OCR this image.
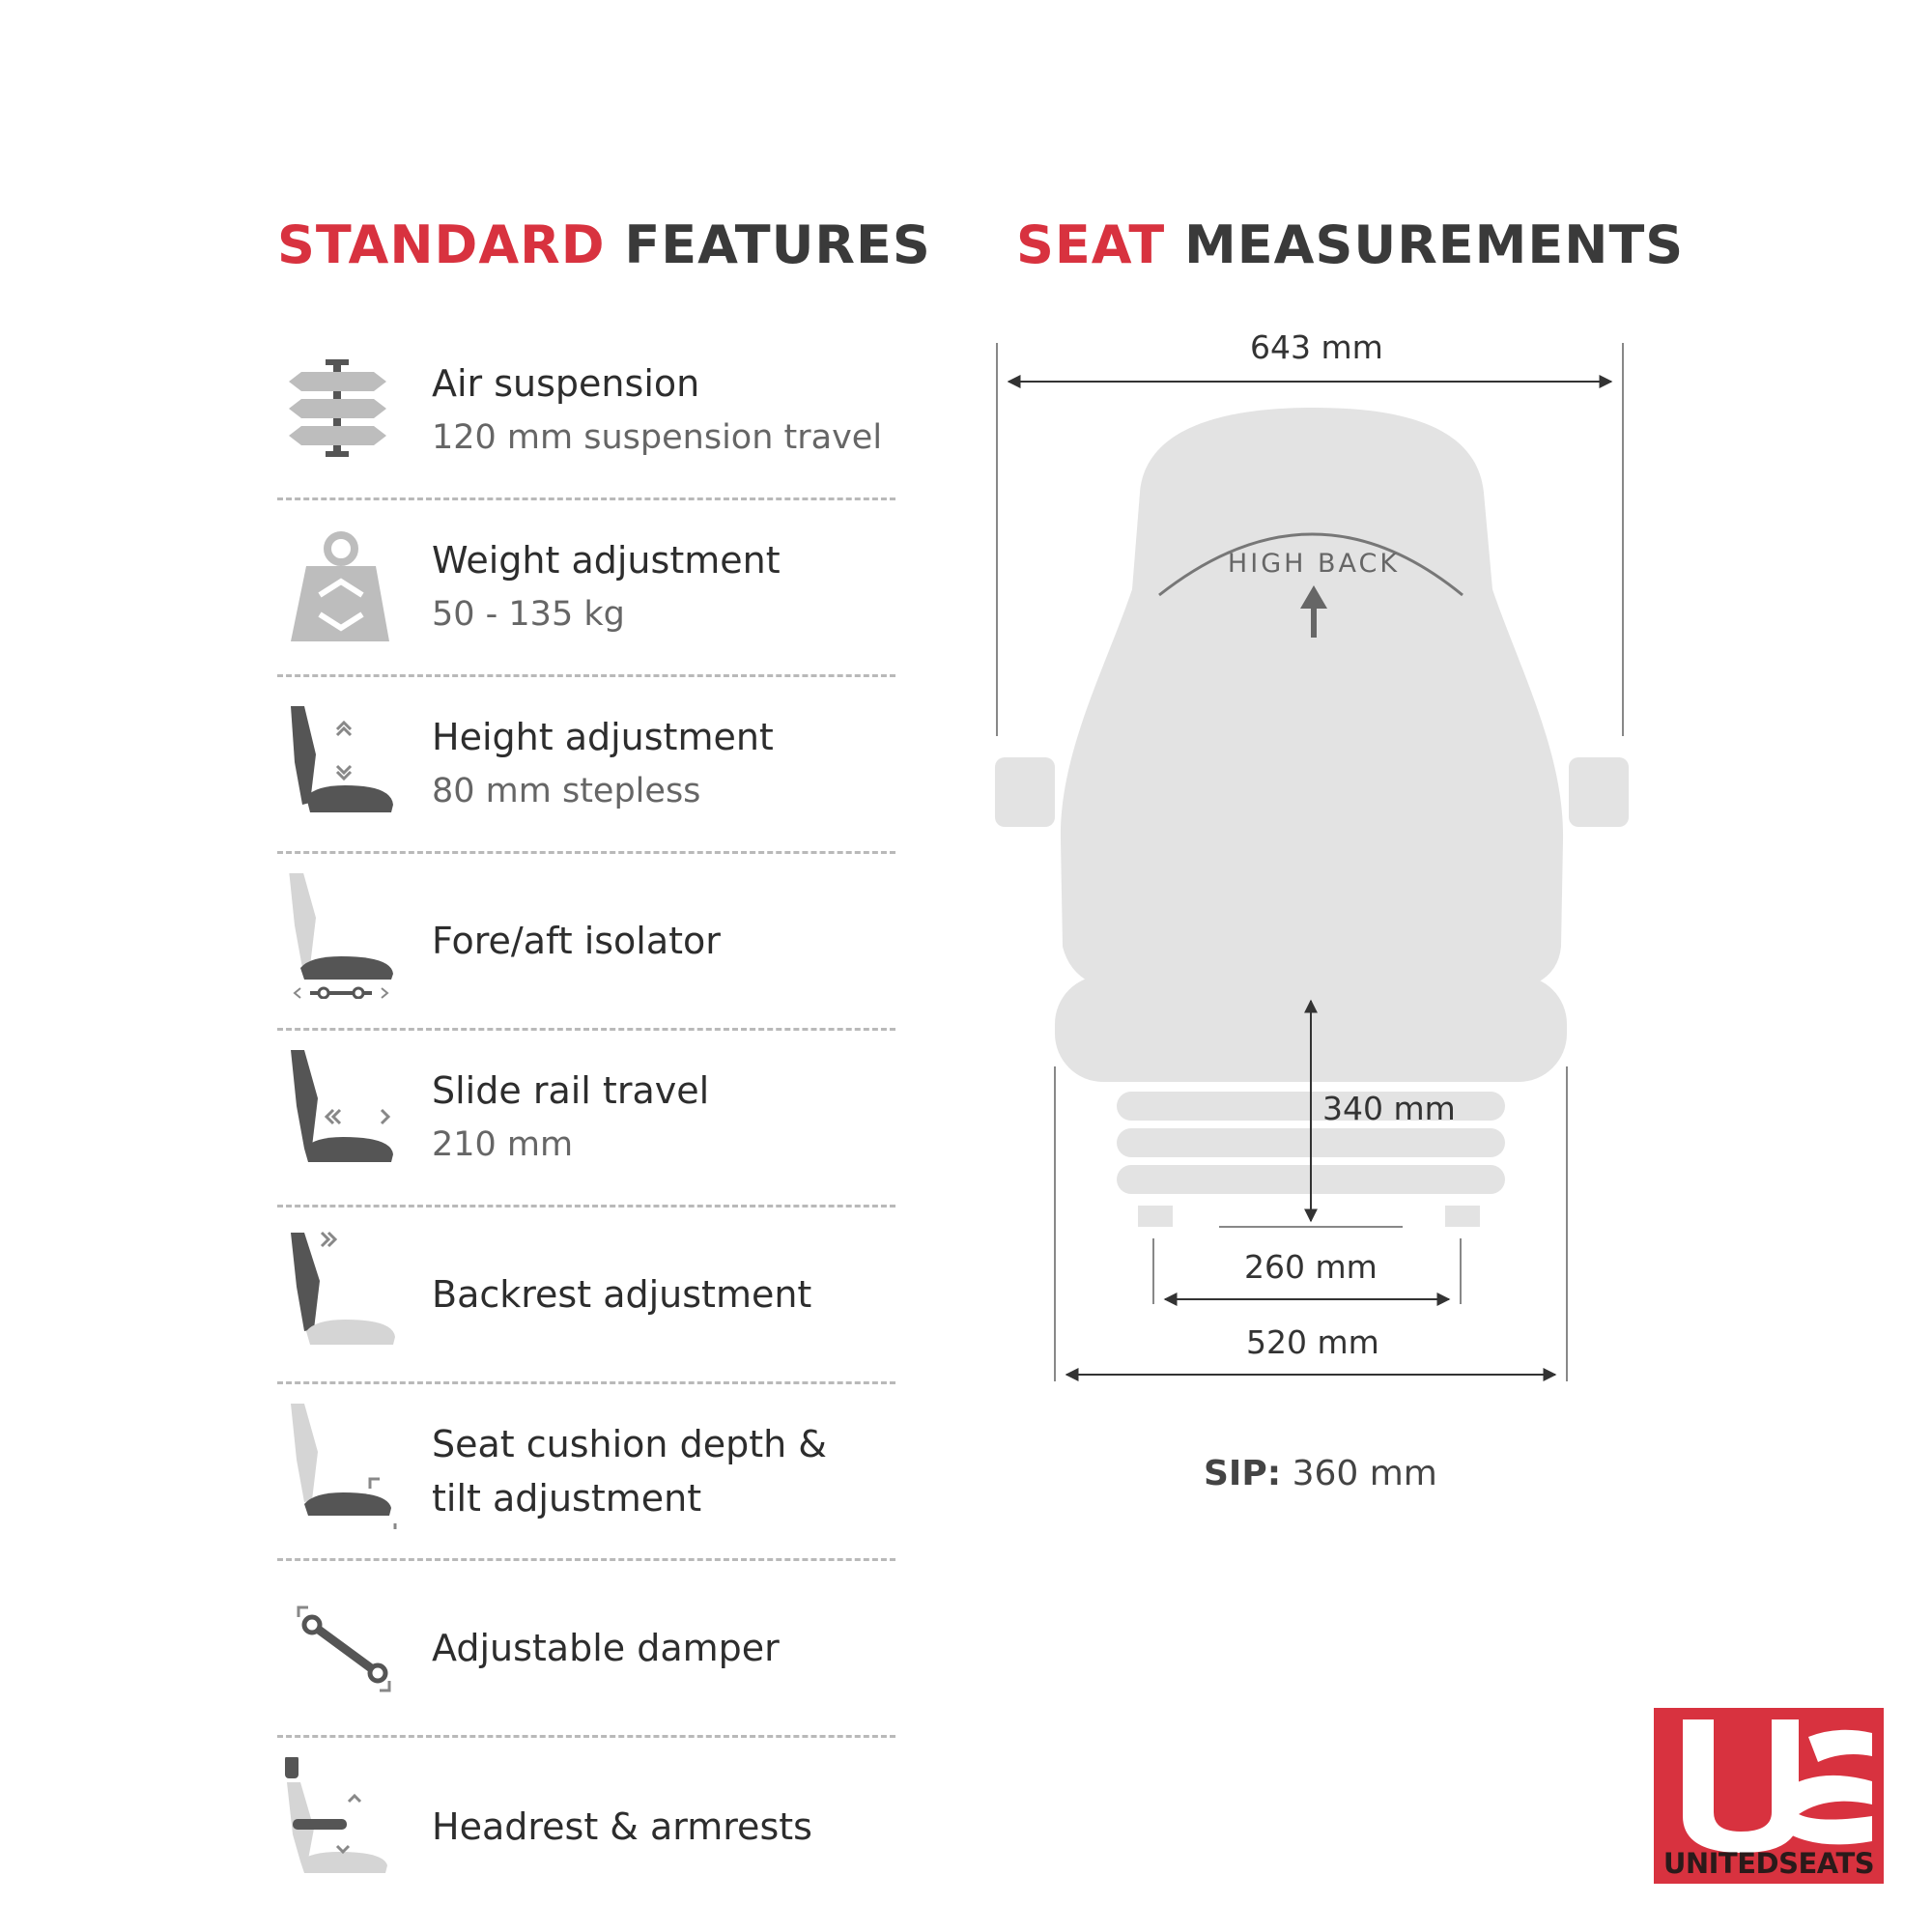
STANDARD FEATURES SEAT MEASUREMENTS
Air suspension
120 mm suspension travel
Weight adjustment
50 - 135 kg
Height adjustment
80 mm stepless
Fore/aft isolator
Slide rail travel
210 mm
Backrest adjustment
Seat cushion depth &
tilt adjustment
Adjustable damper
Headrest & armrests
HIGH BACK
643 mm
340 mm
260 mm
520 mm
SIP: 360 mm
UNITEDSEATS
